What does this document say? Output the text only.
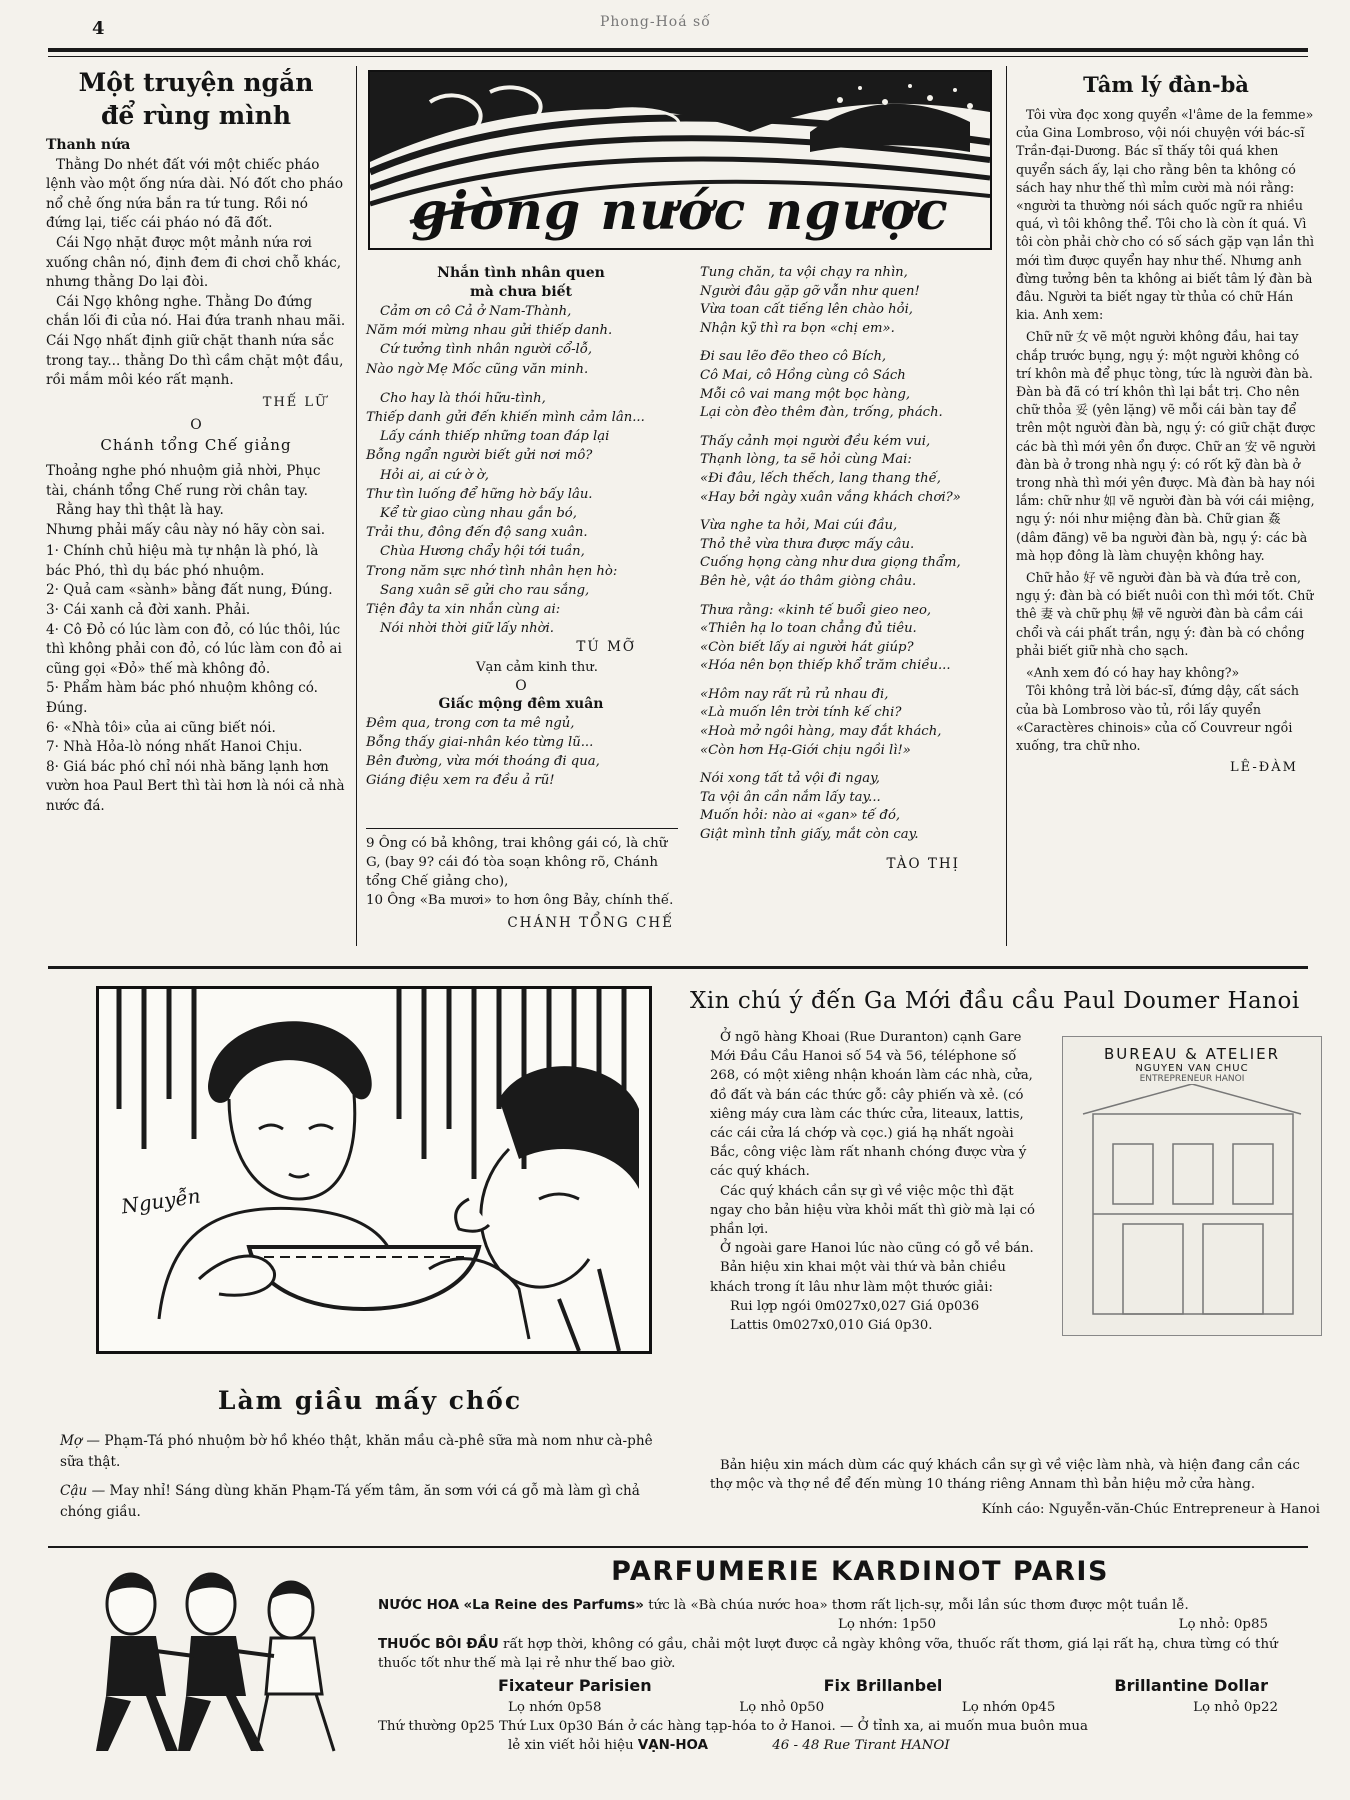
4	Phong-Hoá số
Một truyện ngắn
để rùng mình
Thanh nứa

Thằng Do nhét đất với một chiếc pháo lệnh vào một ống nứa dài. Nó đốt cho pháo nổ chẻ ống nứa bắn ra tứ tung. Rồi nó đứng lại, tiếc cái pháo nó đã đốt.

Cái Ngọ nhặt được một mảnh nứa rơi xuống chân nó, định đem đi chơi chỗ khác, nhưng thằng Do lại đòi.

Cái Ngọ không nghe. Thằng Do đứng chắn lối đi của nó. Hai đứa tranh nhau mãi. Cái Ngọ nhất định giữ chặt thanh nứa sắc trong tay... thằng Do thì cầm chặt một đầu, rồi mắm môi kéo rất mạnh.

THẾ LỮ
O
Chánh tổng Chế giảng
Thoảng nghe phó nhuộm giả nhời, Phục tài, chánh tổng Chế rung rời chân tay.
Rằng hay thì thật là hay.
Nhưng phải mấy câu này nó hãy còn sai.
1· Chính chủ hiệu mà tự nhận là phó, là bác Phó, thì dụ bác phó nhuộm.
2· Quả cam «sành» bằng đất nung, Đúng.
3· Cái xanh cả đời xanh. Phải.
4· Cô Đỏ có lúc làm con đỏ, có lúc thôi, lúc thì không phải con đỏ, có lúc làm con đỏ ai cũng gọi «Đỏ» thế mà không đỏ.
5· Phẩm hàm bác phó nhuộm không có. Đúng.
6· «Nhà tôi» của ai cũng biết nói.
7· Nhà Hỏa-lò nóng nhất Hanoi Chịu.
8· Giá bác phó chỉ nói nhà băng lạnh hơn vườn hoa Paul Bert thì tài hơn là nói cả nhà nước đá.
giòng nước ngược
Nhắn tình nhân quen
mà chưa biết
Cảm ơn cô Cả ở Nam-Thành,
Năm mới mừng nhau gửi thiếp danh.
Cứ tưởng tình nhân người cổ-lỗ,
Nào ngờ Mẹ Mốc cũng văn minh.
Cho hay là thói hữu-tình,
Thiếp danh gửi đến khiến mình cảm lân...
Lấy cánh thiếp những toan đáp lại
Bỗng ngẩn người biết gửi nơi mô?
Hỏi ai, ai cứ ờ ờ,
Thư tìn luống để hững hờ bấy lâu.
Kể từ giao cùng nhau gắn bó,
Trải thu, đông đến độ sang xuân.
Chùa Hương chẩy hội tới tuần,
Trong năm sực nhớ tình nhân hẹn hò:
Sang xuân sẽ gửi cho rau sắng,
Tiện đây ta xin nhắn cùng ai:
Nói nhời thời giữ lấy nhời.
TÚ MỠ
Vạn cảm kinh thư.
O
Giấc mộng đêm xuân
Đêm qua, trong cơn ta mê ngủ,
Bỗng thấy giai-nhân kéo từng lũ...
Bên đường, vừa mới thoáng đi qua,
Giáng điệu xem ra đều ả rũ!
9 Ông có bả không, trai không gái có, là chữ G, (bay 9? cái đó tòa soạn không rõ, Chánh tổng Chế giảng cho),
10 Ông «Ba mươi» to hơn ông Bảy, chính thế.
CHÁNH TỔNG CHẾ
Tung chăn, ta vội chạy ra nhìn,
Người đâu gặp gỡ vẫn như quen!
Vừa toan cất tiếng lên chào hỏi,
Nhận kỹ thì ra bọn «chị em».
Đi sau lẽo đẽo theo cô Bích,
Cô Mai, cô Hồng cùng cô Sách
Mỗi cô vai mang một bọc hàng,
Lại còn đèo thêm đàn, trống, phách.
Thấy cảnh mọi người đều kém vui,
Thạnh lòng, ta sẽ hỏi cùng Mai:
«Đi đâu, lếch thếch, lang thang thế,
«Hay bởi ngày xuân vắng khách chơi?»
Vừa nghe ta hỏi, Mai cúi đầu,
Thỏ thẻ vừa thưa được mấy câu.
Cuống họng càng như dưa giọng thẩm,
Bên hè, vật áo thâm giòng châu.
Thưa rằng: «kinh tế buổi gieo neo,
«Thiên hạ lo toan chẳng đủ tiêu.
«Còn biết lấy ai người hát giúp?
«Hóa nên bọn thiếp khổ trăm chiều...
«Hôm nay rất rủ rủ nhau đi,
«Là muốn lên trời tính kế chi?
«Hoà mở ngôi hàng, may đắt khách,
«Còn hơn Hạ-Giới chịu ngồi lì!»
Nói xong tất tả vội đi ngay,
Ta vội ân cần nắm lấy tay...
Muốn hỏi: nào ai «gan» tế đó,
Giật mình tỉnh giấy, mắt còn cay.
TÀO THỊ
Tâm lý đàn-bà

Tôi vừa đọc xong quyển «l'âme de la femme» của Gina Lombroso, vội nói chuyện với bác-sĩ Trần-đại-Dương. Bác sĩ thấy tôi quá khen quyển sách ấy, lại cho rằng bên ta không có sách hay như thế thì mỉm cười mà nói rằng: «người ta thường nói sách quốc ngữ ra nhiều quá, vì tôi không thể. Tôi cho là còn ít quá. Vì tôi còn phải chờ cho có số sách gặp vạn lần thì mới tìm được quyển hay như thế. Nhưng anh đừng tưởng bên ta không ai biết tâm lý đàn bà đâu. Người ta biết ngay từ thủa có chữ Hán kia. Anh xem:

Chữ nữ 女 vẽ một người không đầu, hai tay chắp trước bụng, ngụ ý: một người không có trí khôn mà để phục tòng, tức là người đàn bà. Đàn bà đã có trí khôn thì lại bắt trị. Cho nên chữ thỏa 妥 (yên lặng) vẽ mỗi cái bàn tay để trên một người đàn bà, ngụ ý: có giữ chặt được các bà thì mới yên ổn được. Chữ an 安 vẽ người đàn bà ở trong nhà ngụ ý: có rốt kỹ đàn bà ở trong nhà thì mới yên được. Mà đàn bà hay nói lắm: chữ như 如 vẽ người đàn bà với cái miệng, ngụ ý: nói như miệng đàn bà. Chữ gian 姦 (dâm đãng) vẽ ba người đàn bà, ngụ ý: các bà mà họp đông là làm chuyện không hay.

Chữ hảo 好 vẽ người đàn bà và đứa trẻ con, ngụ ý: đàn bà có biết nuôi con thì mới tốt. Chữ thê 妻 và chữ phụ 婦 vẽ người đàn bà cầm cái chổi và cái phất trần, ngụ ý: đàn bà có chồng phải biết giữ nhà cho sạch.

«Anh xem đó có hay hay không?»

Tôi không trả lời bác-sĩ, đứng dậy, cất sách của bà Lombroso vào tủ, rồi lấy quyển «Caractères chinois» của cố Couvreur ngồi xuống, tra chữ nho.

LÊ-ĐÀM
Nguyễn
Làm giầu mấy chốc
Mợ — Phạm-Tá phó nhuộm bờ hồ khéo thật, khăn mầu cà-phê sữa mà nom như cà-phê sữa thật.
Cậu — May nhỉ! Sáng dùng khăn Phạm-Tá yếm tâm, ăn sơm với cá gỗ mà làm gì chả chóng giầu.
Xin chú ý đến Ga Mới đầu cầu Paul Doumer Hanoi

Ở ngõ hàng Khoai (Rue Duranton) cạnh Gare Mới Đầu Cầu Hanoi số 54 và 56, téléphone số 268, có một xiêng nhận khoán làm các nhà, cửa, đồ đất và bán các thức gỗ: cây phiến và xẻ. (có xiêng máy cưa làm các thức cửa, liteaux, lattis, các cái cửa lá chớp và cọc.) giá hạ nhất ngoài Bắc, công việc làm rất nhanh chóng được vừa ý các quý khách.

Các quý khách cần sự gì về việc mộc thì đặt ngay cho bản hiệu vừa khỏi mất thì giờ mà lại có phần lợi.

Ở ngoài gare Hanoi lúc nào cũng có gỗ về bán.

Bản hiệu xin khai một vài thứ và bản chiều khách trong ít lâu như làm một thước giải:

Rui lợp ngói 0m027x0,027 Giá 0p036
Lattis 0m027x0,010 Giá 0p30.
BUREAU & ATELIER
NGUYEN VAN CHUC
ENTREPRENEUR HANOI

Bản hiệu xin mách dùm các quý khách cần sự gì về việc làm nhà, và hiện đang cần các thợ mộc và thợ nề để đến mùng 10 tháng riêng Annam thì bản hiệu mở cửa hàng.

Kính cáo: Nguyễn-văn-Chúc Entrepreneur à Hanoi
PARFUMERIE KARDINOT PARIS
NƯỚC HOA «La Reine des Parfums» tức là «Bà chúa nước hoa» thơm rất lịch-sự, mỗi lần súc thơm được một tuần lễ.
Lọ nhớn: 1p50	Lọ nhỏ: 0p85
THUỐC BÔI ĐẦU rất hợp thời, không có gầu, chải một lượt được cả ngày không vỡa, thuốc rất thơm, giá lại rất hạ, chưa từng có thứ thuốc tốt như thế mà lại rẻ như thế bao giờ.
Fixateur Parisien	Fix Brillanbel	Brillantine Dollar
Lọ nhớn 0p58	Lọ nhỏ 0p50	Lọ nhớn 0p45	Lọ nhỏ 0p22
Thứ thường 0p25 Thứ Lux 0p30 Bán ở các hàng tạp-hóa to ở Hanoi. — Ở tỉnh xa, ai muốn mua buôn mua
lẻ xin viết hỏi hiệu VẠN-HOA	46 - 48 Rue Tirant HANOI
